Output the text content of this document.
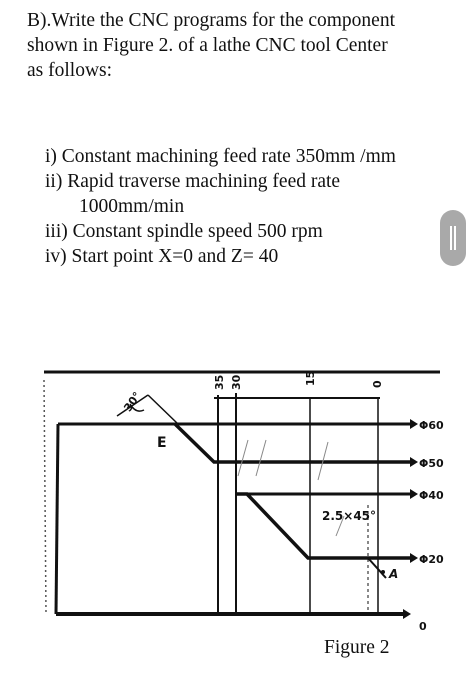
B).Write the CNC programs for the component
shown in Figure 2. of a lathe CNC tool Center
as follows:
i) Constant machining feed rate 350mm /mm
ii) Rapid traverse machining feed rate
1000mm/min
iii) Constant spindle speed 500 rpm
iv) Start point X=0 and Z= 40
35 30	15	0
Φ60
Φ50
Φ40
Φ20
0
2.5×45°
30°
E
A
Figure 2
